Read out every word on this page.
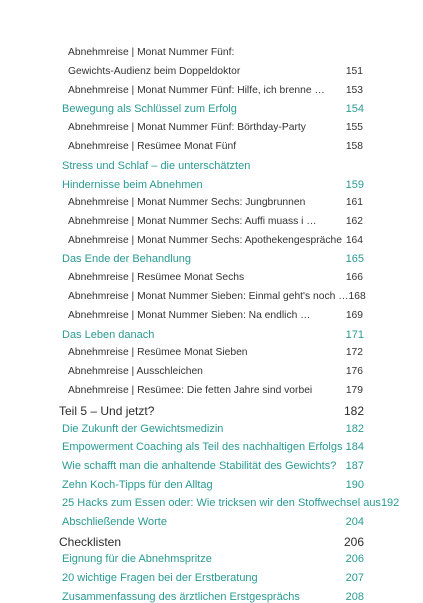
Abnehmreise | Monat Nummer Fünf:
Gewichts-Audienz beim Doppeldoktor	151
Abnehmreise | Monat Nummer Fünf: Hilfe, ich brenne …	153
Bewegung als Schlüssel zum Erfolg	154
Abnehmreise | Monat Nummer Fünf: Börthday-Party	155
Abnehmreise | Resümee Monat Fünf	158
Stress und Schlaf – die unterschätzten
Hindernisse beim Abnehmen	159
Abnehmreise | Monat Nummer Sechs: Jungbrunnen	161
Abnehmreise | Monat Nummer Sechs: Auffi muass i …	162
Abnehmreise | Monat Nummer Sechs: Apothekengespräche 164
Das Ende der Behandlung	165
Abnehmreise | Resümee Monat Sechs	166
Abnehmreise | Monat Nummer Sieben: Einmal geht's noch … 168
Abnehmreise | Monat Nummer Sieben: Na endlich …	169
Das Leben danach	171
Abnehmreise | Resümee Monat Sieben	172
Abnehmreise | Ausschleichen	176
Abnehmreise | Resümee: Die fetten Jahre sind vorbei	179
Teil 5 – Und jetzt?	182
Die Zukunft der Gewichtsmedizin	182
Empowerment Coaching als Teil des nachhaltigen Erfolgs 184
Wie schafft man die anhaltende Stabilität des Gewichts? 187
Zehn Koch-Tipps für den Alltag	190
25 Hacks zum Essen oder: Wie tricksen wir den Stoffwechsel aus 192
Abschließende Worte	204
Checklisten	206
Eignung für die Abnehmspritze	206
20 wichtige Fragen bei der Erstberatung	207
Zusammenfassung des ärztlichen Erstgesprächs	208
